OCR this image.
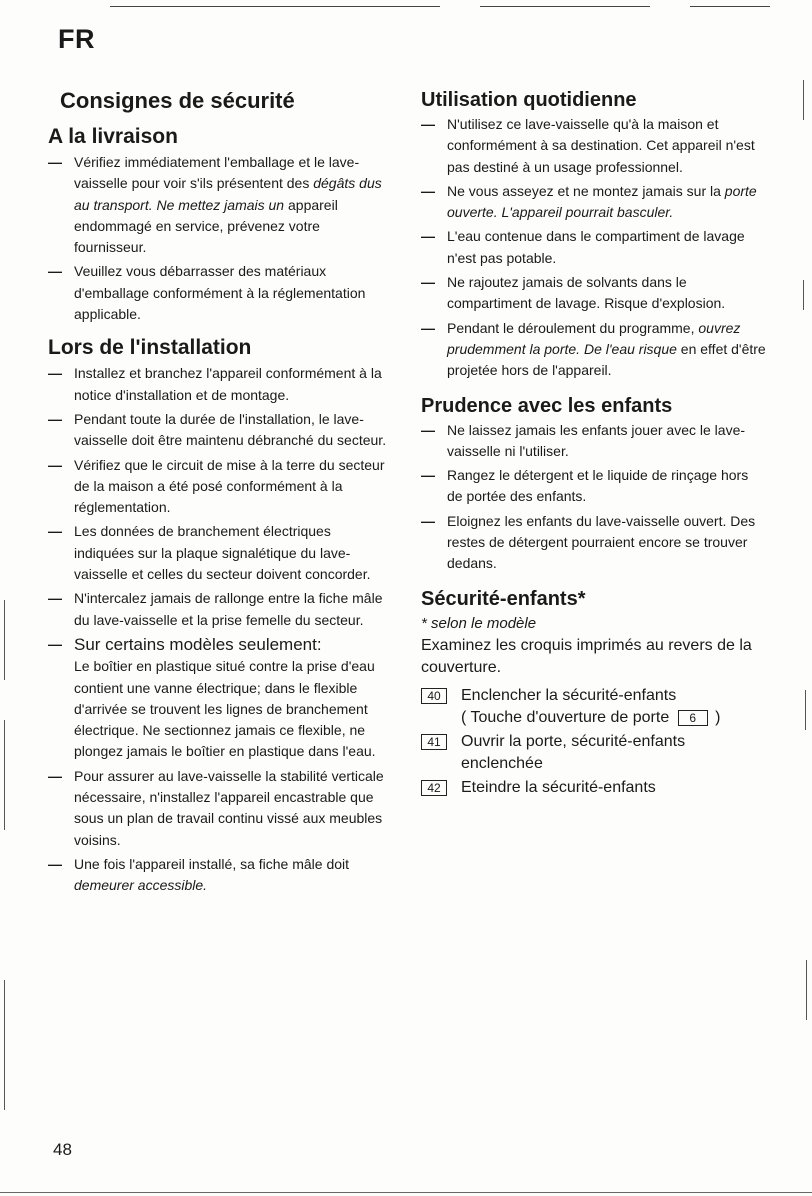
FR
Consignes de sécurité
A la livraison
— Vérifiez immédiatement l'emballage et le lave-vaisselle pour voir s'ils présentent des dégâts dus au transport. Ne mettez jamais un appareil endommagé en service, prévenez votre fournisseur.
— Veuillez vous débarrasser des matériaux d'emballage conformément à la réglementation applicable.
Lors de l'installation
— Installez et branchez l'appareil conformément à la notice d'installation et de montage.
— Pendant toute la durée de l'installation, le lave-vaisselle doit être maintenu débranché du secteur.
— Vérifiez que le circuit de mise à la terre du secteur de la maison a été posé conformément à la réglementation.
— Les données de branchement électriques indiquées sur la plaque signalétique du lave-vaisselle et celles du secteur doivent concorder.
— N'intercalez jamais de rallonge entre la fiche mâle du lave-vaisselle et la prise femelle du secteur.
— Sur certains modèles seulement:
Le boîtier en plastique situé contre la prise d'eau contient une vanne électrique; dans le flexible d'arrivée se trouvent les lignes de branchement électrique. Ne sectionnez jamais ce flexible, ne plongez jamais le boîtier en plastique dans l'eau.
— Pour assurer au lave-vaisselle la stabilité verticale nécessaire, n'installez l'appareil encastrable que sous un plan de travail continu vissé aux meubles voisins.
— Une fois l'appareil installé, sa fiche mâle doit demeurer accessible.
Utilisation quotidienne
— N'utilisez ce lave-vaisselle qu'à la maison et conformément à sa destination. Cet appareil n'est pas destiné à un usage professionnel.
— Ne vous asseyez et ne montez jamais sur la porte ouverte. L'appareil pourrait basculer.
— L'eau contenue dans le compartiment de lavage n'est pas potable.
— Ne rajoutez jamais de solvants dans le compartiment de lavage. Risque d'explosion.
— Pendant le déroulement du programme, ouvrez prudemment la porte. De l'eau risque en effet d'être projetée hors de l'appareil.
Prudence avec les enfants
— Ne laissez jamais les enfants jouer avec le lave-vaisselle ni l'utiliser.
— Rangez le détergent et le liquide de rinçage hors de portée des enfants.
— Eloignez les enfants du lave-vaisselle ouvert. Des restes de détergent pourraient encore se trouver dedans.
Sécurité-enfants*
* selon le modèle
Examinez les croquis imprimés au revers de la couverture.
40	Enclencher la sécurité-enfants
( Touche d'ouverture de porte 6 )
41	Ouvrir la porte, sécurité-enfants
enclenchée
42	Eteindre la sécurité-enfants
48
